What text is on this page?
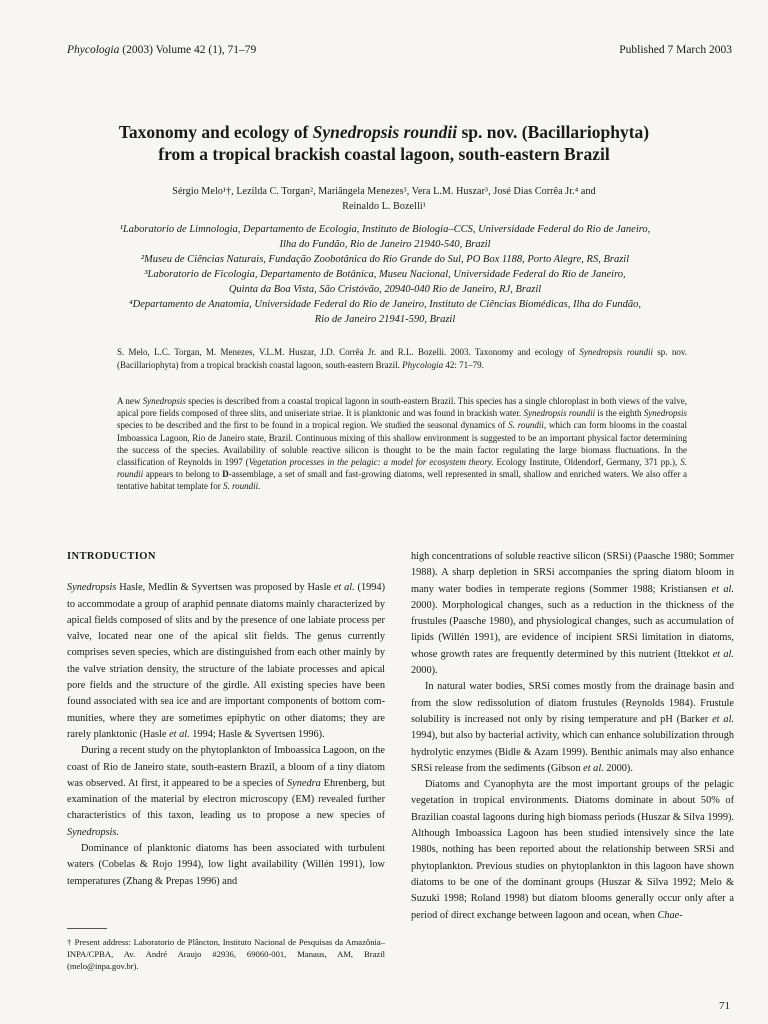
Phycologia (2003) Volume 42 (1), 71–79	Published 7 March 2003
Taxonomy and ecology of Synedropsis roundii sp. nov. (Bacillariophyta)
from a tropical brackish coastal lagoon, south-eastern Brazil
Sérgio Melo¹†, Lezilda C. Torgan², Mariângela Menezes³, Vera L.M. Huszar³, José Dias Corrêa Jr.⁴ and
Reinaldo L. Bozelli¹
¹Laboratorio de Limnologia, Departamento de Ecologia, Instituto de Biologia–CCS, Universidade Federal do Rio de Janeiro,
Ilha do Fundão, Rio de Janeiro 21940-540, Brazil
²Museu de Ciências Naturais, Fundação Zoobotânica do Rio Grande do Sul, PO Box 1188, Porto Alegre, RS, Brazil
³Laboratorio de Ficologia, Departamento de Botânica, Museu Nacional, Universidade Federal do Rio de Janeiro,
Quinta da Boa Vista, São Cristóvão, 20940-040 Rio de Janeiro, RJ, Brazil
⁴Departamento de Anatomia, Universidade Federal do Rio de Janeiro, Instituto de Ciências Biomédicas, Ilha do Fundão,
Rio de Janeiro 21941-590, Brazil
S. Melo, L.C. Torgan, M. Menezes, V.L.M. Huszar, J.D. Corrêa Jr. and R.L. Bozelli. 2003. Taxonomy and ecology of Synedropsis roundii sp. nov. (Bacillariophyta) from a tropical brackish coastal lagoon, south-eastern Brazil. Phycologia 42: 71–79.
A new Synedropsis species is described from a coastal tropical lagoon in south-eastern Brazil. This species has a single chloroplast in both views of the valve, apical pore fields composed of three slits, and uniseriate striae. It is planktonic and was found in brackish water. Synedropsis roundii is the eighth Synedropsis species to be described and the first to be found in a tropical region. We studied the seasonal dynamics of S. roundii, which can form blooms in the coastal Imboassica Lagoon, Rio de Janeiro state, Brazil. Continuous mixing of this shallow environment is suggested to be an important physical factor determining the success of the species. Availability of soluble reactive silicon is thought to be the main factor regulating the large biomass fluctuations. In the classification of Reynolds in 1997 (Vegetation processes in the pelagic: a model for ecosystem theory. Ecology Institute, Oldendorf, Germany, 371 pp.), S. roundii appears to belong to D-assemblage, a set of small and fast-growing diatoms, well represented in small, shallow and enriched waters. We also offer a tentative habitat template for S. roundii.
INTRODUCTION

Synedropsis Hasle, Medlin & Syvertsen was proposed by Hasle et al. (1994) to accommodate a group of araphid pennate diatoms mainly characterized by apical fields composed of slits and by the presence of one labiate process per valve, located near one of the apical slit fields. The genus currently comprises seven species, which are distinguished from each other mainly by the valve striation density, the structure of the labiate processes and apical pore fields and the structure of the girdle. All existing species have been found associated with sea ice and are important components of bottom communities, where they are sometimes epiphytic on other diatoms; they are rarely planktonic (Hasle et al. 1994; Hasle & Syvertsen 1996).

During a recent study on the phytoplankton of Imboassica Lagoon, on the coast of Rio de Janeiro state, south-eastern Brazil, a bloom of a tiny diatom was observed. At first, it appeared to be a species of Synedra Ehrenberg, but examination of the material by electron microscopy (EM) revealed further characteristics of this taxon, leading us to propose a new species of Synedropsis.

Dominance of planktonic diatoms has been associated with turbulent waters (Cobelas & Rojo 1994), low light availability (Willén 1991), low temperatures (Zhang & Prepas 1996) and

† Present address: Laboratorio de Plâncton, Instituto Nacional de Pesquisas da Amazônia–INPA/CPBA, Av. André Araujo #2936, 69060-001, Manaus, AM, Brazil (melo@inpa.gov.br).

high concentrations of soluble reactive silicon (SRSi) (Paasche 1980; Sommer 1988). A sharp depletion in SRSi accompanies the spring diatom bloom in many water bodies in temperate regions (Sommer 1988; Kristiansen et al. 2000). Morphological changes, such as a reduction in the thickness of the frustules (Paasche 1980), and physiological changes, such as accumulation of lipids (Willén 1991), are evidence of incipient SRSi limitation in diatoms, whose growth rates are frequently determined by this nutrient (Ittekkot et al. 2000).

In natural water bodies, SRSi comes mostly from the drainage basin and from the slow redissolution of diatom frustules (Reynolds 1984). Frustule solubility is increased not only by rising temperature and pH (Barker et al. 1994), but also by bacterial activity, which can enhance solubilization through hydrolytic enzymes (Bidle & Azam 1999). Benthic animals may also enhance SRSi release from the sediments (Gibson et al. 2000).

Diatoms and Cyanophyta are the most important groups of the pelagic vegetation in tropical environments. Diatoms dominate in about 50% of Brazilian coastal lagoons during high biomass periods (Huszar & Silva 1999). Although Imboassica Lagoon has been studied intensively since the late 1980s, nothing has been reported about the relationship between SRSi and phytoplankton. Previous studies on phytoplankton in this lagoon have shown diatoms to be one of the dominant groups (Huszar & Silva 1992; Melo & Suzuki 1998; Roland 1998) but diatom blooms generally occur only after a period of direct exchange between lagoon and ocean, when Chae-

71
